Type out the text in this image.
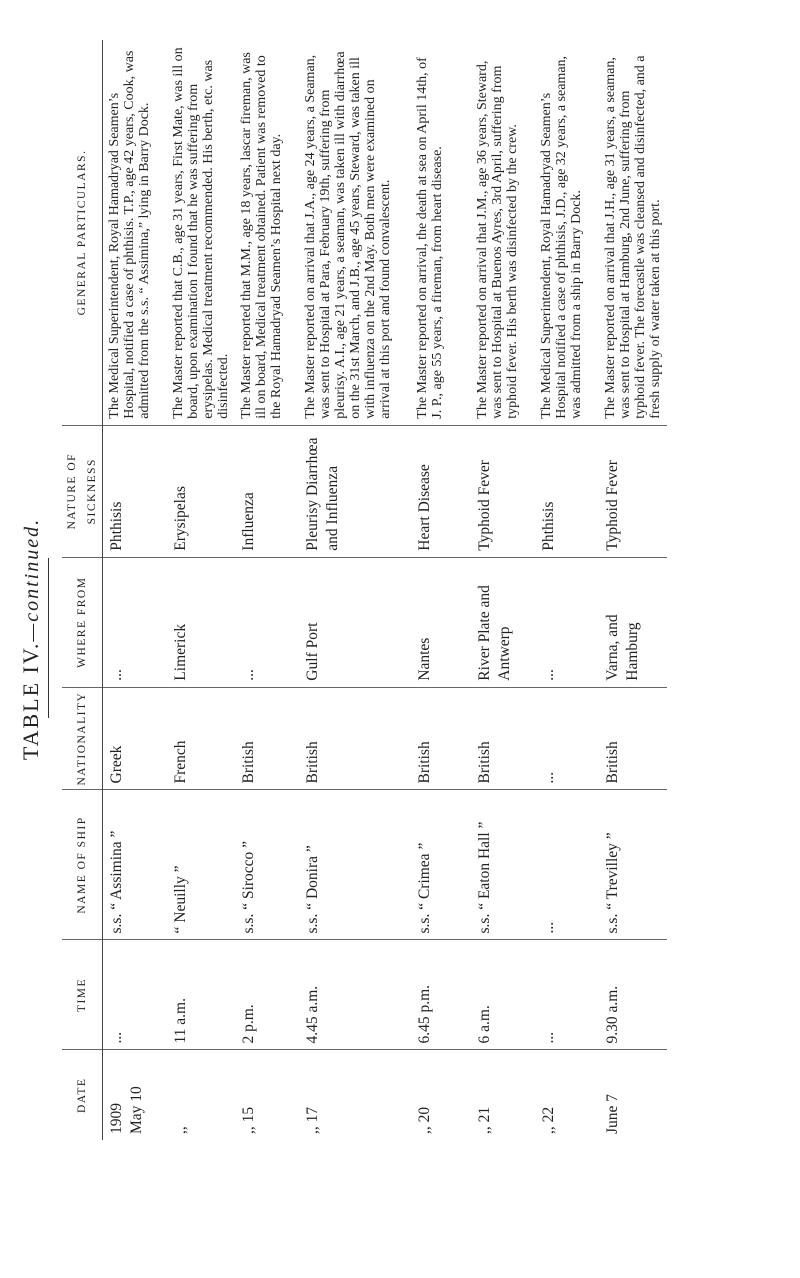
TABLE IV.—continued.
DATE	TIME	NAME OF SHIP	NATIONALITY	WHERE FROM	NATURE OF SICKNESS	GENERAL PARTICULARS.

1909 May 10	...	s.s. “ Assimina ”	Greek	...	Phthisis	The Medical Superintendent, Royal Hamadryad Seamen’s Hospital, notified a case of phthisis. T.P., age 42 years, Cook, was admitted from the s.s. “ Assimina,” lying in Barry Dock.
,,	11 a.m.	“ Neuilly ”	French	Limerick	Erysipelas	The Master reported that C.B., age 31 years, First Mate, was ill on board, upon examination I found that he was suffering from erysipelas. Medical treatment recommended. His berth, etc. was disinfected.
,, 15	2 p.m.	s.s. “ Sirocco ”	British	...	Influenza	The Master reported that M.M., age 18 years, lascar fireman, was ill on board, Medical treatment obtained. Patient was removed to the Royal Hamadryad Seamen’s Hospital next day.
,, 17	4.45 a.m.	s.s. “ Donira ”	British	Gulf Port	Pleurisy Diarrhœa and Influenza	The Master reported on arrival that J.A., age 24 years, a Seaman, was sent to Hospital at Para, February 19th, suffering from pleurisy. A.I., age 21 years, a seaman, was taken ill with diarrhœa on the 31st March, and J.B., age 45 years, Steward, was taken ill with influenza on the 2nd May. Both men were examined on arrival at this port and found convalescent.
,, 20	6.45 p.m.	s.s. “ Crimea ”	British	Nantes	Heart Disease	The Master reported on arrival, the death at sea on April 14th, of J. P., age 55 years, a fireman, from heart disease.
,, 21	6 a.m.	s.s. “ Eaton Hall ”	British	River Plate and Antwerp	Typhoid Fever	The Master reported on arrival that J.M., age 36 years, Steward, was sent to Hospital at Buenos Ayres, 3rd April, suffering from typhoid fever. His berth was disinfected by the crew.
,, 22	...	...	...	...	Phthisis	The Medical Superintendent, Royal Hamadryad Seamen’s Hospital notified a case of phthisis, J.D., age 32 years, a seaman, was admitted from a ship in Barry Dock.
June 7	9.30 a.m.	s.s. “ Trevilley ”	British	Varna, and Hamburg	Typhoid Fever	The Master reported on arrival that J.H., age 31 years, a seaman, was sent to Hospital at Hamburg, 2nd June, suffering from typhoid fever. The forecastle was cleansed and disinfected, and a fresh supply of water taken at this port.
